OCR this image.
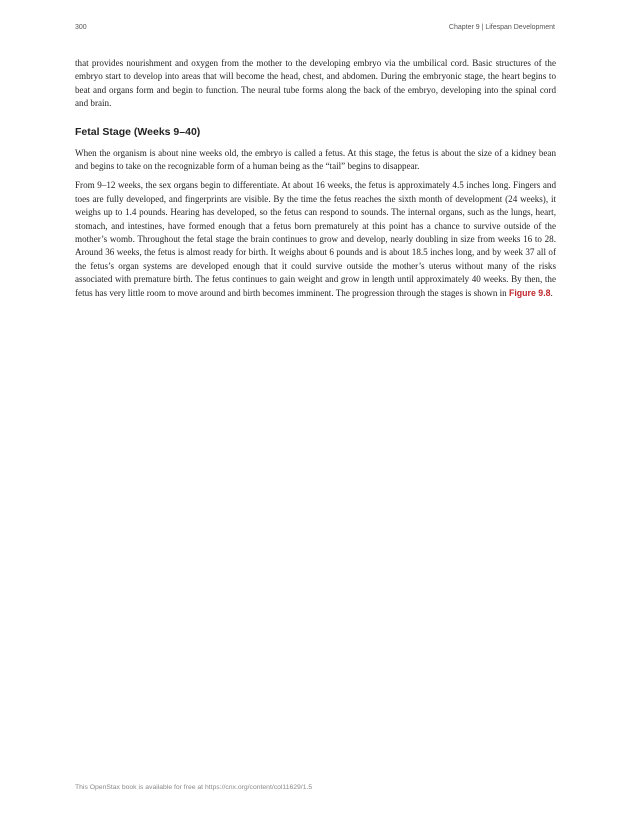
300	Chapter 9 | Lifespan Development

that provides nourishment and oxygen from the mother to the developing embryo via the umbilical cord. Basic structures of the embryo start to develop into areas that will become the head, chest, and abdomen. During the embryonic stage, the heart begins to beat and organs form and begin to function. The neural tube forms along the back of the embryo, developing into the spinal cord and brain.

Fetal Stage (Weeks 9–40)

When the organism is about nine weeks old, the embryo is called a fetus. At this stage, the fetus is about the size of a kidney bean and begins to take on the recognizable form of a human being as the “tail” begins to disappear.

From 9–12 weeks, the sex organs begin to differentiate. At about 16 weeks, the fetus is approximately 4.5 inches long. Fingers and toes are fully developed, and fingerprints are visible. By the time the fetus reaches the sixth month of development (24 weeks), it weighs up to 1.4 pounds. Hearing has developed, so the fetus can respond to sounds. The internal organs, such as the lungs, heart, stomach, and intestines, have formed enough that a fetus born prematurely at this point has a chance to survive outside of the mother’s womb. Throughout the fetal stage the brain continues to grow and develop, nearly doubling in size from weeks 16 to 28. Around 36 weeks, the fetus is almost ready for birth. It weighs about 6 pounds and is about 18.5 inches long, and by week 37 all of the fetus’s organ systems are developed enough that it could survive outside the mother’s uterus without many of the risks associated with premature birth. The fetus continues to gain weight and grow in length until approximately 40 weeks. By then, the fetus has very little room to move around and birth becomes imminent. The progression through the stages is shown in Figure 9.8.

This OpenStax book is available for free at https://cnx.org/content/col11629/1.5
